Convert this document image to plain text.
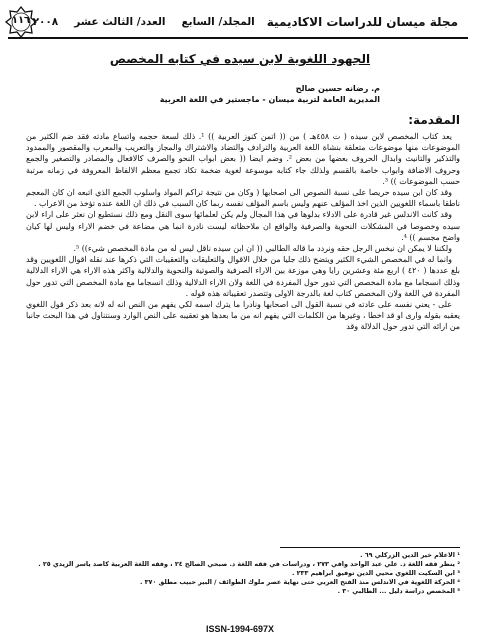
١١٦	مجلة ميسان للدراسات الاكاديمية
المجلد/ السابع
العدد/ الثالث عشر
٢٠٠٨
الجهود اللغوية لابن سيده في كتابه المخصص
م. رضانه حسين صالح
المديرية العامة لتربية ميسان - ماجستير في اللغة العربية
المقدمة:

يعد كتاب المخصص لابن سيده ( ت ٤٥٨هـ ) من (( اتمن كنوز العربية )) ¹. ذلك لسعة حجمه واتساع مادته فقد ضم الكثير من الموضوعات منها موضوعات متعلقة بنشاة اللغة العربية والترادف والتضاد والاشتراك والمجاز والتعريب والمعرب والمقصور والممدود والتذكير والتانيث وابدال الحروف بعضها من بعض ². وضم ايضا (( بعض ابواب النحو والصرف كالافعال والمصادر والتصغير والجمع وحروف الاضافة وابواب خاصة بالقسم ولذلك جاء كتابه موسوعة لغوية ضخمة تكاد تجمع معظم الالفاظ المعروفة في زمانه مرتبة حسب الموضوعات )) ³.

وقد كان ابن سيده حريصا على نسبة النصوص الى اصحابها ( وكان من نتيجة تراكم المواد واسلوب الجمع الذي اتبعه ان كان المعجم ناطقا باسماء اللغويين الذين اخذ المؤلف عنهم وليس باسم المؤلف نفسه ربما كان السبب في ذلك ان اللغة عنده تؤخذ من الاعراب .

وقد كانت الاندلس غير قادرة على الادلاء بدلوها في هذا المجال ولم يكن لعلمائها سوى النقل ومع ذلك نستطيع ان نعثر على اراء لابن سيده وخصوصا في المشكلات النحوية والصرفية والواقع ان ملاحظاته ليست نادرة انما هي مضاعة في خضم الاراء وليس لها كيان واضح مجسم )) ⁴.

ولكننا لا يمكن ان نبخس الرجل حقه ونردد ما قاله الطالبي (( ان ابن سيده ناقل ليس له من مادة المخصص شيء)) ⁵.

وانما له في المخصص الشيء الكثير ويتضح ذلك جليا من خلال الاقوال والتعليقات والتعقيبات التي ذكرها عند نقله اقوال اللغويين وقد بلغ عددها ( ٤٢٠ ) اربع مئة وعشرين رايا وهي موزعة بين الاراء الصرفية والصوتية والنحوية والدلالية واكثر هذه الاراء هي الاراء الدلالية وذلك انسجاما مع مادة المخصص التي تدور حول المفردة في اللغة ولان الاراء الدلالية وذلك انسجاما مع مادة المخصص التي تدور حول المفردة في اللغة ولان المخصص كتاب لغة بالدرجة الاولى وتتصدر تعقيباته هذه قوله .

على - يعني نفسه على عادته في نسبة القول الى اصحابها ونادرا ما يترك اسمه لكي يفهم من النص انه له لانه بعد ذكر قول اللغوي يعقبه بقوله وارى او قد اخطا ، وغيرها من الكلمات التي يفهم انه من ما بعدها هو تعقيبه على النص الوارد وسنتناول في هذا البحث جانبا من ارائه التي تدور حول الدلالة وقد

¹ الاعلام خير الدين الزركلي ٦٩ .
² ينظر فقه اللغة د. علي عبد الواحد وافي ٢٧٣ ، ودراسات في فقه اللغة د. صبحي الصالح ٢٤ ، وفقه اللغة العربية كاصد ياسر الزيدي ٢٥ .
³ ابن السكيت اللغوي محيي الدين توفيق ابراهيم ٢٣٣ .
⁴ الحركة اللغوية في الاندلس منذ الفتح العربي حتى نهاية عصر ملوك الطوائف / البير حبيب مطلق ٣٧٠ .
⁵ المخصص دراسة دليل ... الطالبي ٣٠ .
ISSN-1994-697X
